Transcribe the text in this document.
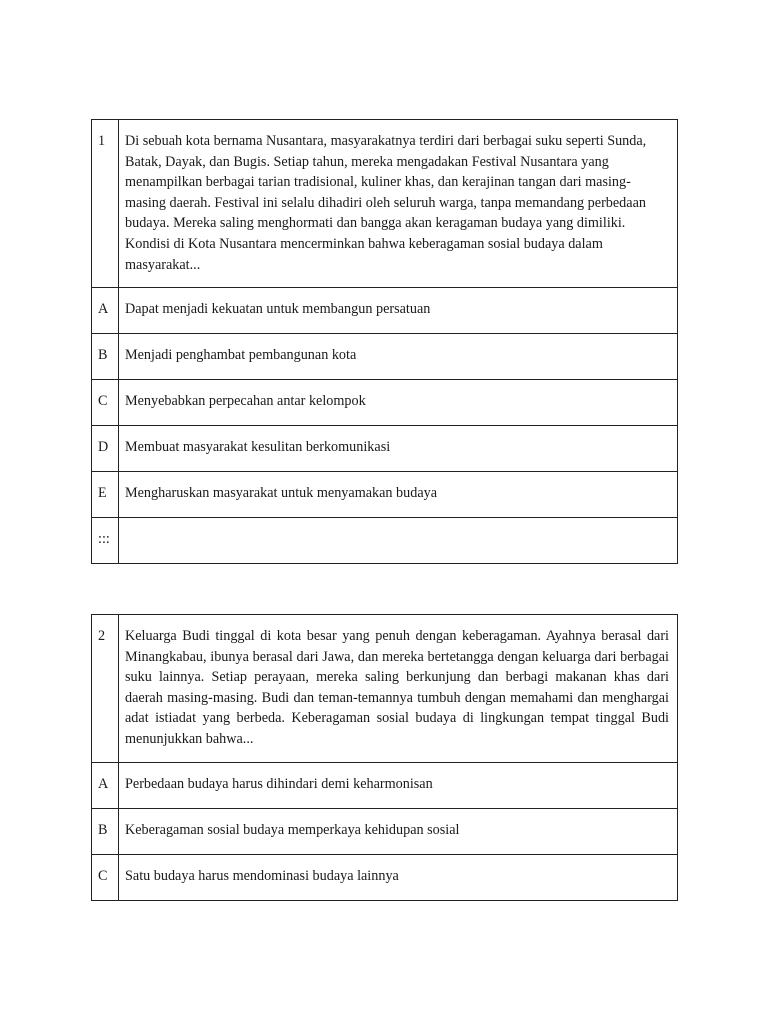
1	Di sebuah kota bernama Nusantara, masyarakatnya terdiri dari berbagai suku seperti Sunda, Batak, Dayak, dan Bugis. Setiap tahun, mereka mengadakan Festival Nusantara yang menampilkan berbagai tarian tradisional, kuliner khas, dan kerajinan tangan dari masing-masing daerah. Festival ini selalu dihadiri oleh seluruh warga, tanpa memandang perbedaan budaya. Mereka saling menghormati dan bangga akan keragaman budaya yang dimiliki. Kondisi di Kota Nusantara mencerminkan bahwa keberagaman sosial budaya dalam masyarakat...
A	Dapat menjadi kekuatan untuk membangun persatuan
B	Menjadi penghambat pembangunan kota
C	Menyebabkan perpecahan antar kelompok
D	Membuat masyarakat kesulitan berkomunikasi
E	Mengharuskan masyarakat untuk menyamakan budaya
:::	
2	Keluarga Budi tinggal di kota besar yang penuh dengan keberagaman. Ayahnya berasal dari Minangkabau, ibunya berasal dari Jawa, dan mereka bertetangga dengan keluarga dari berbagai suku lainnya. Setiap perayaan, mereka saling berkunjung dan berbagi makanan khas dari daerah masing-masing. Budi dan teman-temannya tumbuh dengan memahami dan menghargai adat istiadat yang berbeda. Keberagaman sosial budaya di lingkungan tempat tinggal Budi menunjukkan bahwa...
A	Perbedaan budaya harus dihindari demi keharmonisan
B	Keberagaman sosial budaya memperkaya kehidupan sosial
C	Satu budaya harus mendominasi budaya lainnya
